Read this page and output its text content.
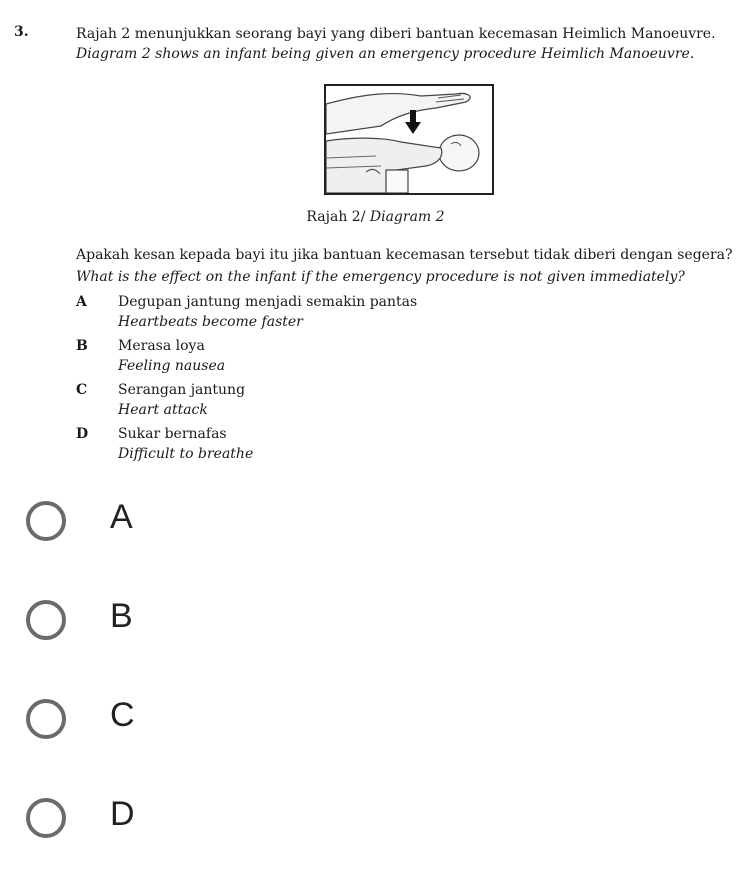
3.	Rajah 2 menunjukkan seorang bayi yang diberi bantuan kecemasan Heimlich Manoeuvre.
Diagram 2 shows an infant being given an emergency procedure Heimlich Manoeuvre.
Rajah 2/ Diagram 2
Apakah kesan kepada bayi itu jika bantuan kecemasan tersebut tidak diberi dengan segera? What is the effect on the infant if the emergency procedure is not given immediately?
A	Degupan jantung menjadi semakin pantas
Heartbeats become faster
B	Merasa loya
Feeling nausea
C	Serangan jantung
Heart attack
D	Sukar bernafas
Difficult to breathe
A
B
C
D
